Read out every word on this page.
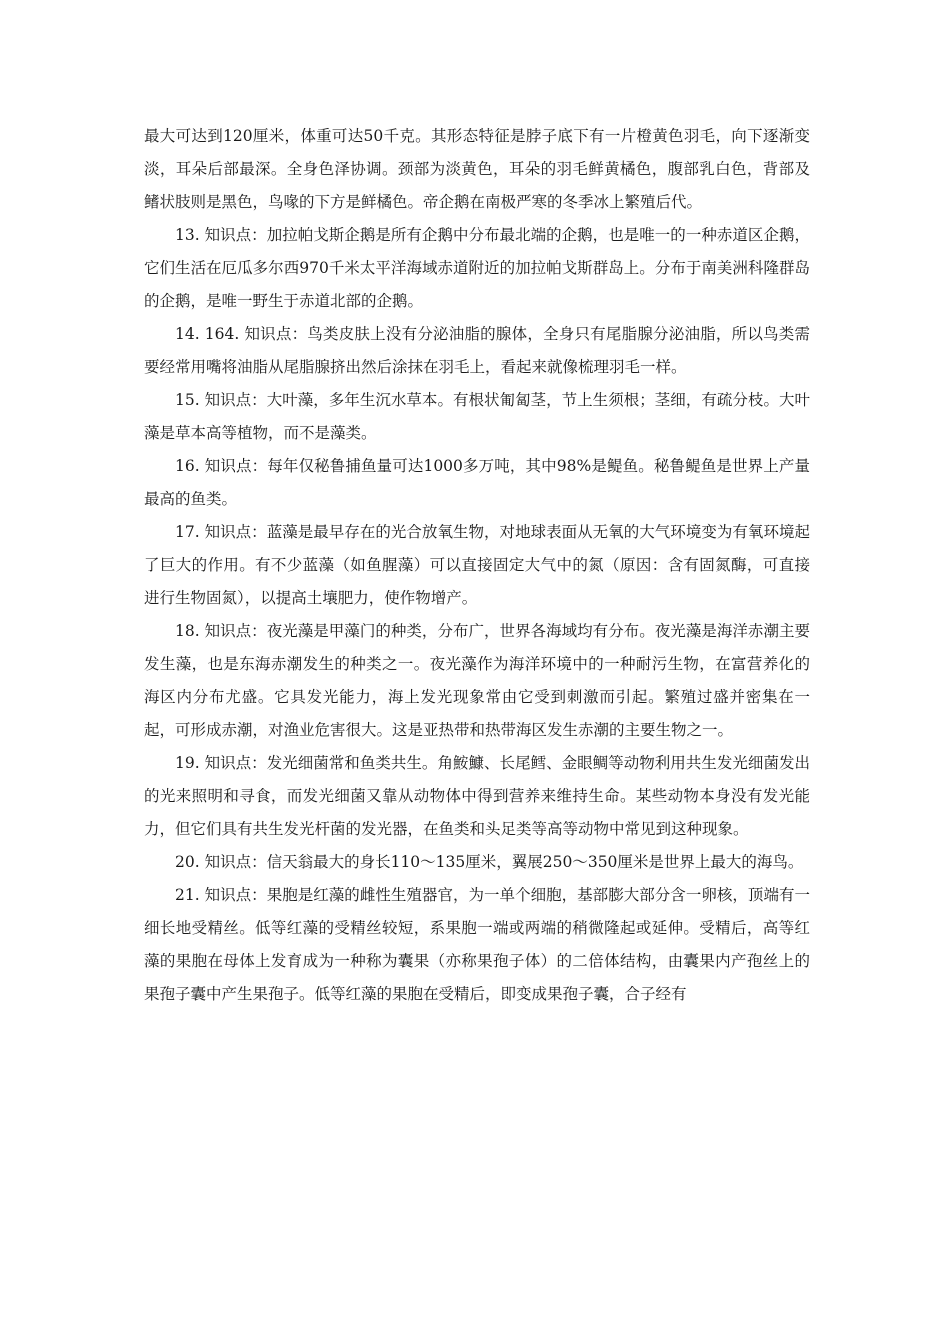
最大可达到120厘米，体重可达50千克。其形态特征是脖子底下有一片橙黄色羽毛，向下逐渐变淡，耳朵后部最深。全身色泽协调。颈部为淡黄色，耳朵的羽毛鲜黄橘色，腹部乳白色，背部及鳍状肢则是黑色，鸟喙的下方是鲜橘色。帝企鹅在南极严寒的冬季冰上繁殖后代。

13. 知识点：加拉帕戈斯企鹅是所有企鹅中分布最北端的企鹅，也是唯一的一种赤道区企鹅，它们生活在厄瓜多尔西970千米太平洋海域赤道附近的加拉帕戈斯群岛上。分布于南美洲科隆群岛的企鹅，是唯一野生于赤道北部的企鹅。

14. 164. 知识点：鸟类皮肤上没有分泌油脂的腺体，全身只有尾脂腺分泌油脂，所以鸟类需要经常用嘴将油脂从尾脂腺挤出然后涂抹在羽毛上，看起来就像梳理羽毛一样。

15. 知识点：大叶藻，多年生沉水草本。有根状匍匐茎，节上生须根；茎细，有疏分枝。大叶藻是草本高等植物，而不是藻类。

16. 知识点：每年仅秘鲁捕鱼量可达1000多万吨，其中98%是鳀鱼。秘鲁鳀鱼是世界上产量最高的鱼类。

17. 知识点：蓝藻是最早存在的光合放氧生物，对地球表面从无氧的大气环境变为有氧环境起了巨大的作用。有不少蓝藻（如鱼腥藻）可以直接固定大气中的氮（原因：含有固氮酶，可直接进行生物固氮），以提高土壤肥力，使作物增产。

18. 知识点：夜光藻是甲藻门的种类，分布广，世界各海域均有分布。夜光藻是海洋赤潮主要发生藻，也是东海赤潮发生的种类之一。夜光藻作为海洋环境中的一种耐污生物，在富营养化的海区内分布尤盛。它具发光能力，海上发光现象常由它受到刺激而引起。繁殖过盛并密集在一起，可形成赤潮，对渔业危害很大。这是亚热带和热带海区发生赤潮的主要生物之一。

19. 知识点：发光细菌常和鱼类共生。角鮟鱇、长尾鳕、金眼鲷等动物利用共生发光细菌发出的光来照明和寻食，而发光细菌又靠从动物体中得到营养来维持生命。某些动物本身没有发光能力，但它们具有共生发光杆菌的发光器，在鱼类和头足类等高等动物中常见到这种现象。

20. 知识点：信天翁最大的身长110～135厘米，翼展250～350厘米是世界上最大的海鸟。

21. 知识点：果胞是红藻的雌性生殖器官，为一单个细胞，基部膨大部分含一卵核，顶端有一细长地受精丝。低等红藻的受精丝较短，系果胞一端或两端的稍微隆起或延伸。受精后，高等红藻的果胞在母体上发育成为一种称为囊果（亦称果孢子体）的二倍体结构，由囊果内产孢丝上的果孢子囊中产生果孢子。低等红藻的果胞在受精后，即变成果孢子囊，合子经有
